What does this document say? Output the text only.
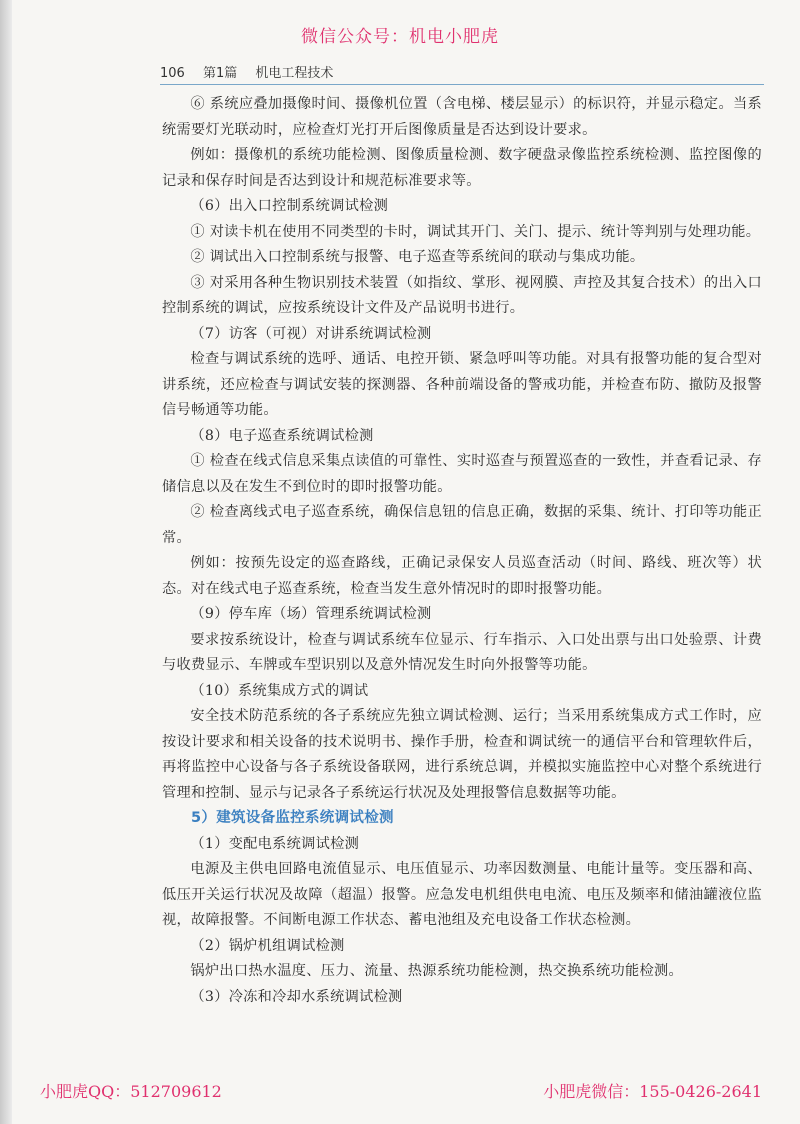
微信公众号：机电小肥虎
106 第1篇 机电工程技术

⑥ 系统应叠加摄像时间、摄像机位置（含电梯、楼层显示）的标识符，并显示稳定。当系统需要灯光联动时，应检查灯光打开后图像质量是否达到设计要求。

例如：摄像机的系统功能检测、图像质量检测、数字硬盘录像监控系统检测、监控图像的记录和保存时间是否达到设计和规范标准要求等。

（6）出入口控制系统调试检测

① 对读卡机在使用不同类型的卡时，调试其开门、关门、提示、统计等判别与处理功能。

② 调试出入口控制系统与报警、电子巡查等系统间的联动与集成功能。

③ 对采用各种生物识别技术装置（如指纹、掌形、视网膜、声控及其复合技术）的出入口控制系统的调试，应按系统设计文件及产品说明书进行。

（7）访客（可视）对讲系统调试检测

检查与调试系统的选呼、通话、电控开锁、紧急呼叫等功能。对具有报警功能的复合型对讲系统，还应检查与调试安装的探测器、各种前端设备的警戒功能，并检查布防、撤防及报警信号畅通等功能。

（8）电子巡查系统调试检测

① 检查在线式信息采集点读值的可靠性、实时巡查与预置巡查的一致性，并查看记录、存储信息以及在发生不到位时的即时报警功能。

② 检查离线式电子巡查系统，确保信息钮的信息正确，数据的采集、统计、打印等功能正常。

例如：按预先设定的巡查路线，正确记录保安人员巡查活动（时间、路线、班次等）状态。对在线式电子巡查系统，检查当发生意外情况时的即时报警功能。

（9）停车库（场）管理系统调试检测

要求按系统设计，检查与调试系统车位显示、行车指示、入口处出票与出口处验票、计费与收费显示、车牌或车型识别以及意外情况发生时向外报警等功能。

（10）系统集成方式的调试

安全技术防范系统的各子系统应先独立调试检测、运行；当采用系统集成方式工作时，应按设计要求和相关设备的技术说明书、操作手册，检查和调试统一的通信平台和管理软件后，再将监控中心设备与各子系统设备联网，进行系统总调，并模拟实施监控中心对整个系统进行管理和控制、显示与记录各子系统运行状况及处理报警信息数据等功能。

5）建筑设备监控系统调试检测

（1）变配电系统调试检测

电源及主供电回路电流值显示、电压值显示、功率因数测量、电能计量等。变压器和高、低压开关运行状况及故障（超温）报警。应急发电机组供电电流、电压及频率和储油罐液位监视，故障报警。不间断电源工作状态、蓄电池组及充电设备工作状态检测。

（2）锅炉机组调试检测

锅炉出口热水温度、压力、流量、热源系统功能检测，热交换系统功能检测。

（3）冷冻和冷却水系统调试检测

小肥虎QQ：512709612	小肥虎微信：155-0426-2641
